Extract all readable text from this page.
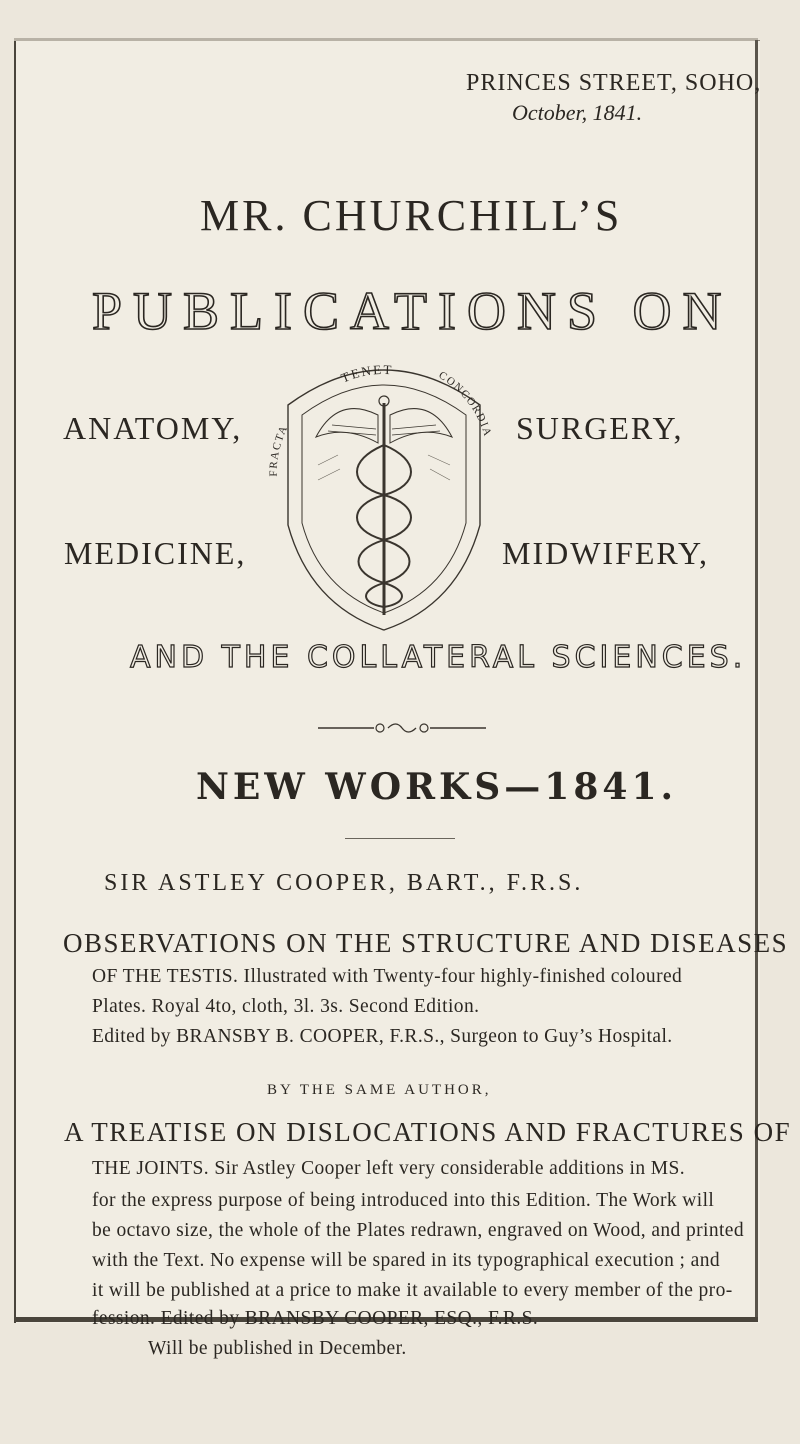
PRINCES STREET, SOHO,
October, 1841.
MR. CHURCHILL’S
PUBLICATIONS ON
ANATOMY,	SURGERY,
MEDICINE,	MIDWIFERY,
TENET	CONCORDIA
FRACTA
AND THE COLLATERAL SCIENCES.
NEW WORKS—1841.
SIR ASTLEY COOPER, BART., F.R.S.
OBSERVATIONS ON THE STRUCTURE AND DISEASES
OF THE TESTIS. Illustrated with Twenty-four highly-finished coloured
Plates. Royal 4to, cloth, 3l. 3s. Second Edition.
Edited by BRANSBY B. COOPER, F.R.S., Surgeon to Guy’s Hospital.
BY THE SAME AUTHOR,
A TREATISE ON DISLOCATIONS AND FRACTURES OF
THE JOINTS. Sir Astley Cooper left very considerable additions in MS.
for the express purpose of being introduced into this Edition. The Work will
be octavo size, the whole of the Plates redrawn, engraved on Wood, and printed
with the Text. No expense will be spared in its typographical execution ; and
it will be published at a price to make it available to every member of the pro-
fession. Edited by BRANSBY COOPER, ESQ., F.R.S.
Will be published in December.
